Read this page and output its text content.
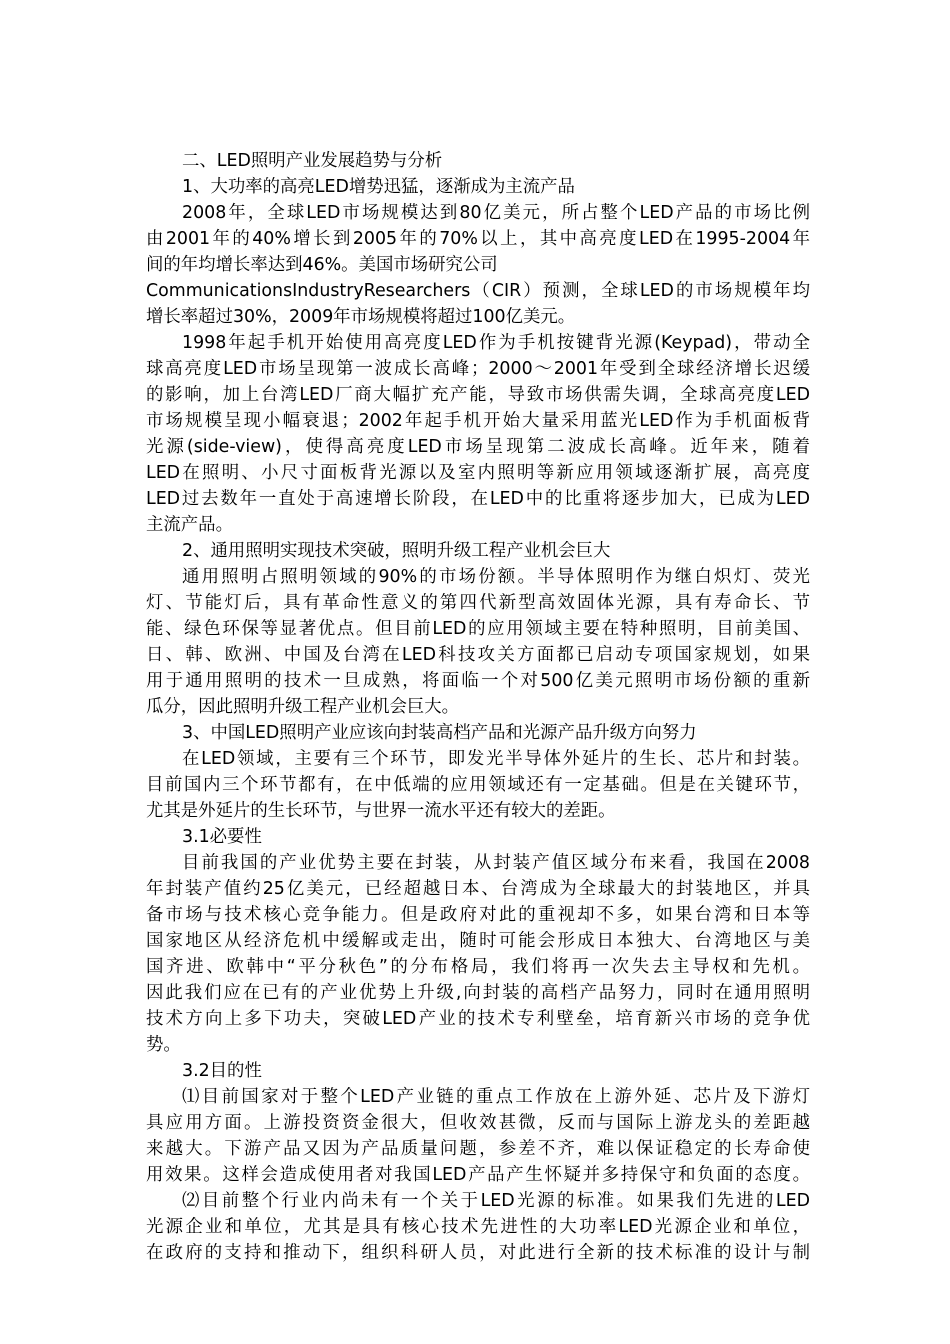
二、LED照明产业发展趋势与分析
1、大功率的高亮LED增势迅猛，逐渐成为主流产品
2008年，全球LED市场规模达到80亿美元，所占整个LED产品的市场比例
由2001年的40%增长到2005年的70%以上，其中高亮度LED在1995-2004年
间的年均增长率达到46%。美国市场研究公司
CommunicationsIndustryResearchers（CIR）预测，全球LED的市场规模年均
增长率超过30%，2009年市场规模将超过100亿美元。
1998年起手机开始使用高亮度LED作为手机按键背光源(Keypad)，带动全
球高亮度LED市场呈现第一波成长高峰；2000～2001年受到全球经济增长迟缓
的影响，加上台湾LED厂商大幅扩充产能，导致市场供需失调，全球高亮度LED
市场规模呈现小幅衰退；2002年起手机开始大量采用蓝光LED作为手机面板背
光源(side-view)，使得高亮度LED市场呈现第二波成长高峰。近年来，随着
LED在照明、小尺寸面板背光源以及室内照明等新应用领域逐渐扩展，高亮度
LED过去数年一直处于高速增长阶段，在LED中的比重将逐步加大，已成为LED
主流产品。
2、通用照明实现技术突破，照明升级工程产业机会巨大
通用照明占照明领域的90%的市场份额。半导体照明作为继白炽灯、荧光
灯、节能灯后，具有革命性意义的第四代新型高效固体光源，具有寿命长、节
能、绿色环保等显著优点。但目前LED的应用领域主要在特种照明，目前美国、
日、韩、欧洲、中国及台湾在LED科技攻关方面都已启动专项国家规划，如果
用于通用照明的技术一旦成熟，将面临一个对500亿美元照明市场份额的重新
瓜分，因此照明升级工程产业机会巨大。
3、中国LED照明产业应该向封装高档产品和光源产品升级方向努力
在LED领域，主要有三个环节，即发光半导体外延片的生长、芯片和封装。
目前国内三个环节都有，在中低端的应用领域还有一定基础。但是在关键环节，
尤其是外延片的生长环节，与世界一流水平还有较大的差距。
3.1必要性
目前我国的产业优势主要在封装，从封装产值区域分布来看，我国在2008
年封装产值约25亿美元，已经超越日本、台湾成为全球最大的封装地区，并具
备市场与技术核心竞争能力。但是政府对此的重视却不多，如果台湾和日本等
国家地区从经济危机中缓解或走出，随时可能会形成日本独大、台湾地区与美
国齐进、欧韩中“平分秋色”的分布格局，我们将再一次失去主导权和先机。
因此我们应在已有的产业优势上升级,向封装的高档产品努力，同时在通用照明
技术方向上多下功夫，突破LED产业的技术专利壁垒，培育新兴市场的竞争优
势。
3.2目的性
⑴目前国家对于整个LED产业链的重点工作放在上游外延、芯片及下游灯
具应用方面。上游投资资金很大，但收效甚微，反而与国际上游龙头的差距越
来越大。下游产品又因为产品质量问题，参差不齐，难以保证稳定的长寿命使
用效果。这样会造成使用者对我国LED产品产生怀疑并多持保守和负面的态度。
⑵目前整个行业内尚未有一个关于LED光源的标准。如果我们先进的LED
光源企业和单位，尤其是具有核心技术先进性的大功率LED光源企业和单位，
在政府的支持和推动下，组织科研人员，对此进行全新的技术标准的设计与制
